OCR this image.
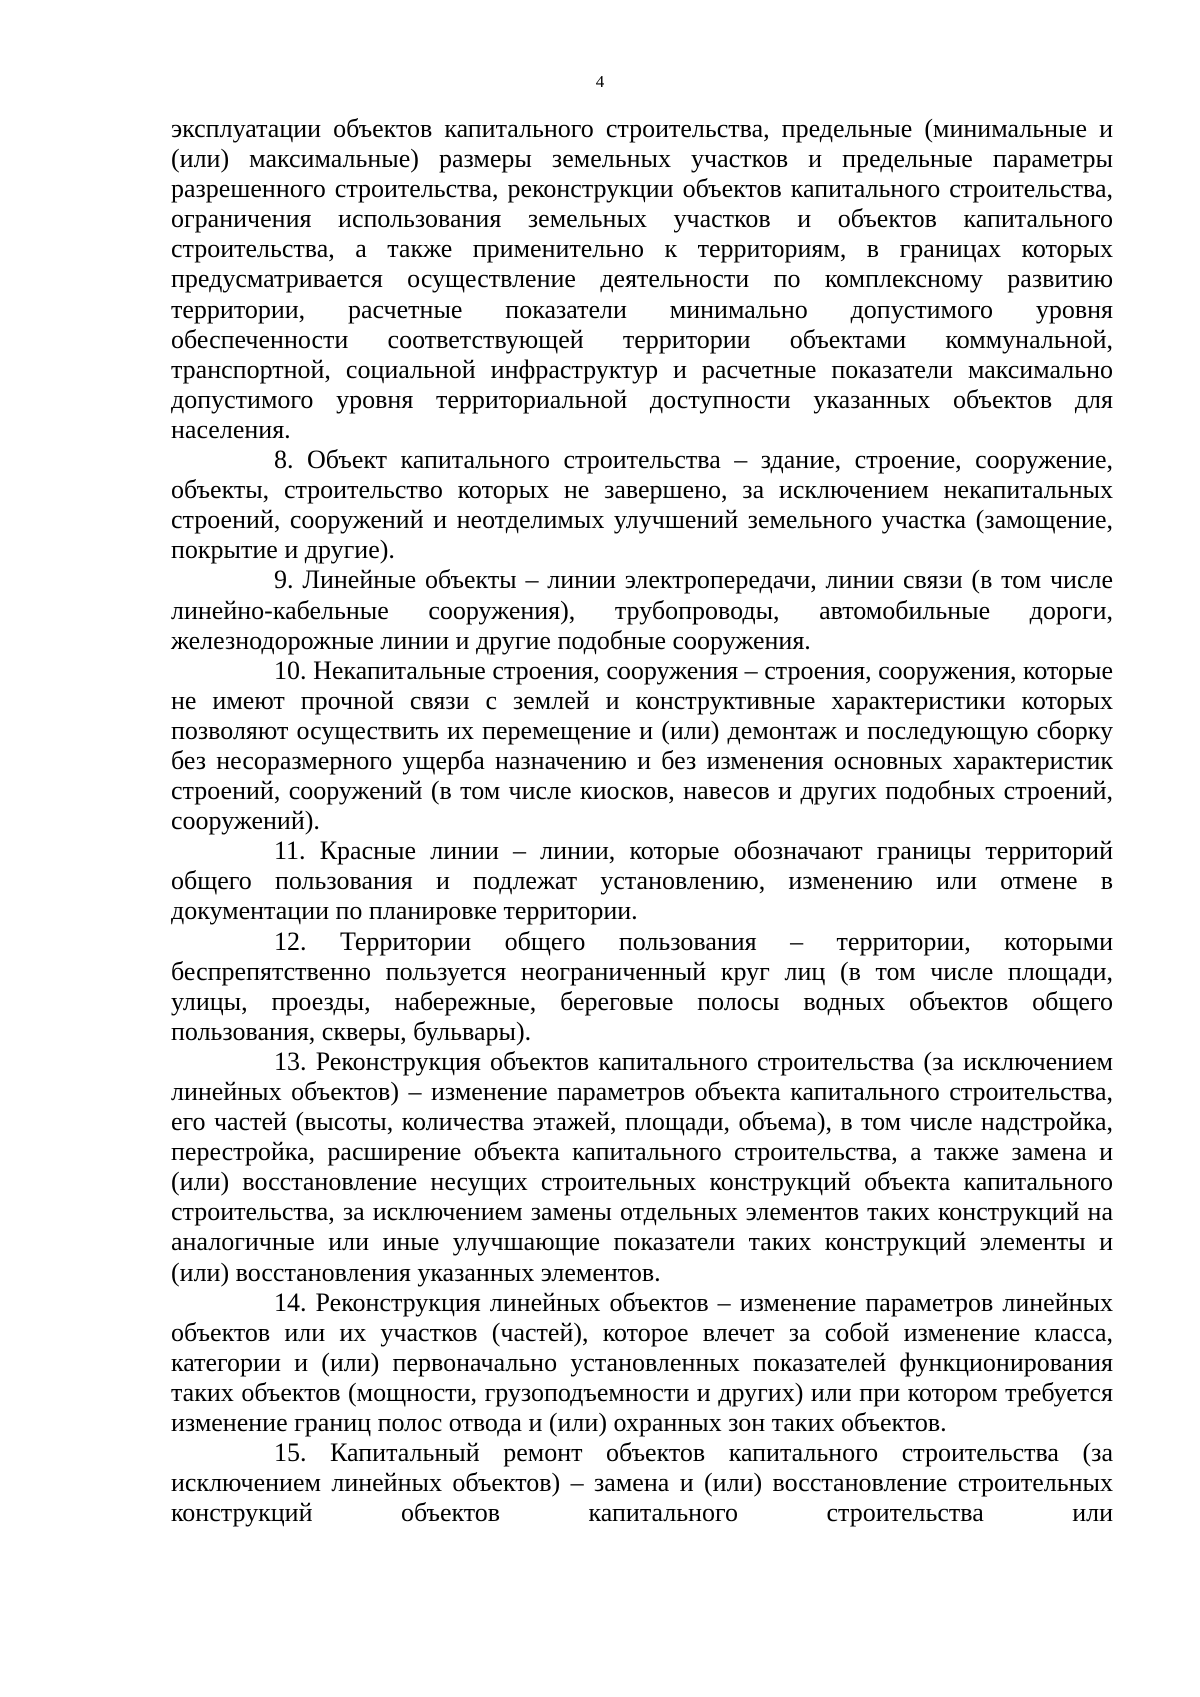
4

эксплуатации объектов капитального строительства, предельные (минимальные и (или) максимальные) размеры земельных участков и предельные параметры разрешенного строительства, реконструкции объектов капитального строительства, ограничения использования земельных участков и объектов капитального строительства, а также применительно к территориям, в границах которых предусматривается осуществление деятельности по комплексному развитию территории, расчетные показатели минимально допустимого уровня обеспеченности соответствующей территории объектами коммунальной, транспортной, социальной инфраструктур и расчетные показатели максимально допустимого уровня территориальной доступности указанных объектов для населения.

8. Объект капитального строительства – здание, строение, сооружение, объекты, строительство которых не завершено, за исключением некапитальных строений, сооружений и неотделимых улучшений земельного участка (замощение, покрытие и другие).

9. Линейные объекты – линии электропередачи, линии связи (в том числе линейно-кабельные сооружения), трубопроводы, автомобильные дороги, железнодорожные линии и другие подобные сооружения.

10. Некапитальные строения, сооружения – строения, сооружения, которые не имеют прочной связи с землей и конструктивные характеристики которых позволяют осуществить их перемещение и (или) демонтаж и последующую сборку без несоразмерного ущерба назначению и без изменения основных характеристик строений, сооружений (в том числе киосков, навесов и других подобных строений, сооружений).

11. Красные линии – линии, которые обозначают границы территорий общего пользования и подлежат установлению, изменению или отмене в документации по планировке территории.

12. Территории общего пользования – территории, которыми беспрепятственно пользуется неограниченный круг лиц (в том числе площади, улицы, проезды, набережные, береговые полосы водных объектов общего пользования, скверы, бульвары).

13. Реконструкция объектов капитального строительства (за исключением линейных объектов) – изменение параметров объекта капитального строительства, его частей (высоты, количества этажей, площади, объема), в том числе надстройка, перестройка, расширение объекта капитального строительства, а также замена и (или) восстановление несущих строительных конструкций объекта капитального строительства, за исключением замены отдельных элементов таких конструкций на аналогичные или иные улучшающие показатели таких конструкций элементы и (или) восстановления указанных элементов.

14. Реконструкция линейных объектов – изменение параметров линейных объектов или их участков (частей), которое влечет за собой изменение класса, категории и (или) первоначально установленных показателей функционирования таких объектов (мощности, грузоподъемности и других) или при котором требуется изменение границ полос отвода и (или) охранных зон таких объектов.

15. Капитальный ремонт объектов капитального строительства (за исключением линейных объектов) – замена и (или) восстановление строительных конструкций объектов капитального строительства или
